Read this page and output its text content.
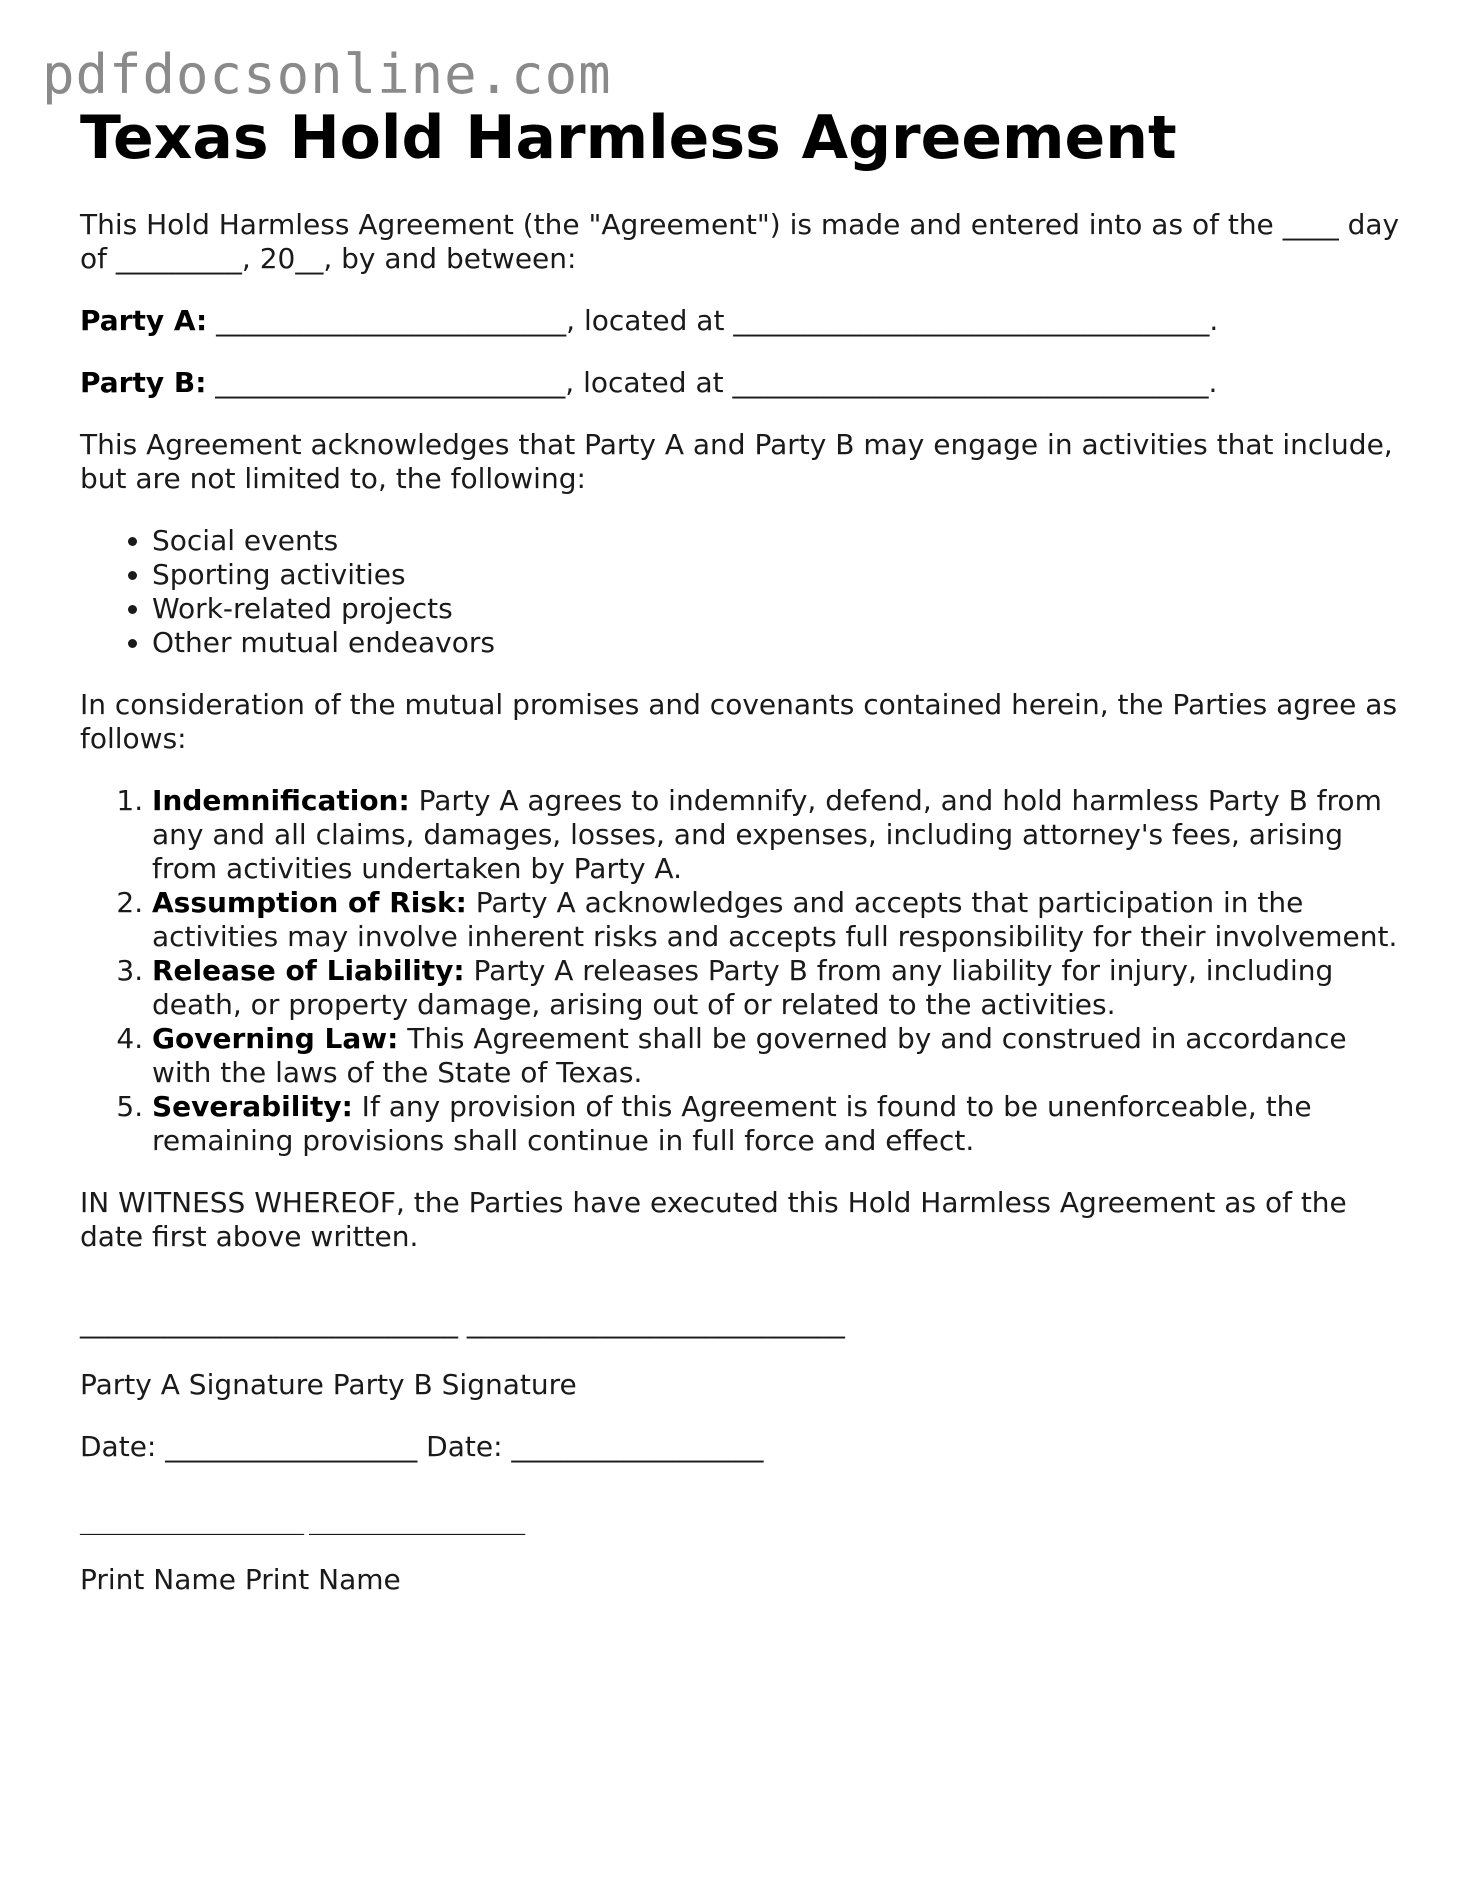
pdfdocsonline.com
Texas Hold Harmless Agreement

This Hold Harmless Agreement (the "Agreement") is made and entered into as of the ____ day of _________, 20__, by and between:

Party A: _________________________, located at __________________________________.

Party B: _________________________, located at __________________________________.

This Agreement acknowledges that Party A and Party B may engage in activities that include, but are not limited to, the following:

• Social events
• Sporting activities
• Work-related projects
• Other mutual endeavors

In consideration of the mutual promises and covenants contained herein, the Parties agree as follows:

1. Indemnification: Party A agrees to indemnify, defend, and hold harmless Party B from any and all claims, damages, losses, and expenses, including attorney's fees, arising from activities undertaken by Party A.
2. Assumption of Risk: Party A acknowledges and accepts that participation in the activities may involve inherent risks and accepts full responsibility for their involvement.
3. Release of Liability: Party A releases Party B from any liability for injury, including death, or property damage, arising out of or related to the activities.
4. Governing Law: This Agreement shall be governed by and construed in accordance with the laws of the State of Texas.
5. Severability: If any provision of this Agreement is found to be unenforceable, the remaining provisions shall continue in full force and effect.

IN WITNESS WHEREOF, the Parties have executed this Hold Harmless Agreement as of the date first above written.

___________________________ ___________________________

Party A Signature Party B Signature

Date: __________________ Date: __________________

____________________________ ___________________________

Print Name Print Name
